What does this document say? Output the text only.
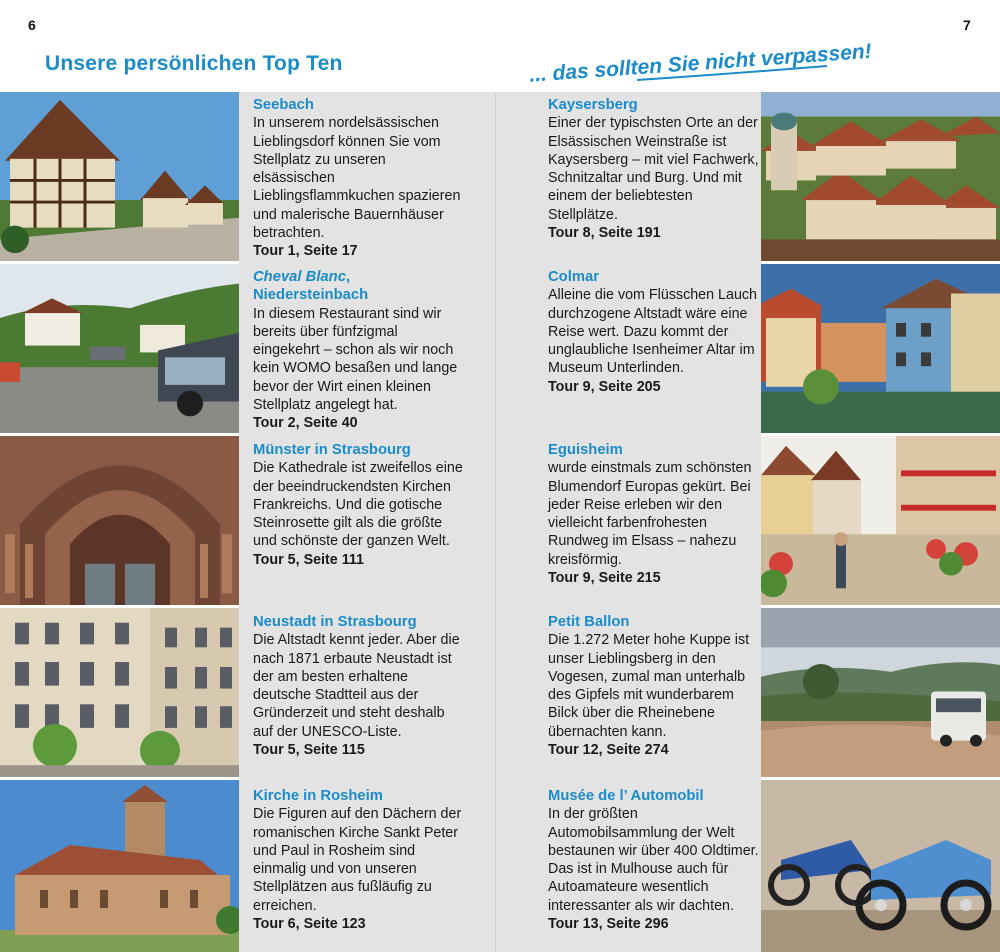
6	7
Unsere persönlichen Top Ten	... das sollten Sie nicht verpassen!
Seebach
In unserem nordelsässischen Lieblingsdorf können Sie vom Stellplatz zu unseren elsässischen Lieblingsflammkuchen spazieren und malerische Bauernhäuser betrachten.
Tour 1, Seite 17
Cheval Blanc, Niedersteinbach
In diesem Restaurant sind wir bereits über fünfzigmal eingekehrt – schon als wir noch kein WOMO besaßen und lange bevor der Wirt einen kleinen Stellplatz angelegt hat.
Tour 2, Seite 40
Münster in Strasbourg
Die Kathedrale ist zweifellos eine der beeindruckendsten Kirchen Frankreichs. Und die gotische Steinrosette gilt als die größte und schönste der ganzen Welt.
Tour 5, Seite 111
Neustadt in Strasbourg
Die Altstadt kennt jeder. Aber die nach 1871 erbaute Neustadt ist der am besten erhaltene deutsche Stadtteil aus der Gründerzeit und steht deshalb auf der UNESCO-Liste.
Tour 5, Seite 115
Kirche in Rosheim
Die Figuren auf den Dächern der romanischen Kirche Sankt Peter und Paul in Rosheim sind einmalig und von unseren Stellplätzen aus fußläufig zu erreichen.
Tour 6, Seite 123
Kaysersberg
Einer der typischsten Orte an der Elsässischen Weinstraße ist Kaysersberg – mit viel Fachwerk, Schnitzaltar und Burg. Und mit einem der beliebtesten Stellplätze.
Tour 8, Seite 191
Colmar
Alleine die vom Flüsschen Lauch durchzogene Altstadt wäre eine Reise wert. Dazu kommt der unglaubliche Isenheimer Altar im Museum Unterlinden.
Tour 9, Seite 205
Eguisheim
wurde einstmals zum schönsten Blumendorf Europas gekürt. Bei jeder Reise erleben wir den vielleicht farbenfrohesten Rundweg im Elsass – nahezu kreisförmig.
Tour 9, Seite 215
Petit Ballon
Die 1.272 Meter hohe Kuppe ist unser Lieblingsberg in den Vogesen, zumal man unterhalb des Gipfels mit wunderbarem Bilck über die Rheinebene übernachten kann.
Tour 12, Seite 274
Musée de l’ Automobil
In der größten Automobilsammlung der Welt bestaunen wir über 400 Oldtimer. Das ist in Mulhouse auch für Autoamateure wesentlich interessanter als wir dachten.
Tour 13, Seite 296
